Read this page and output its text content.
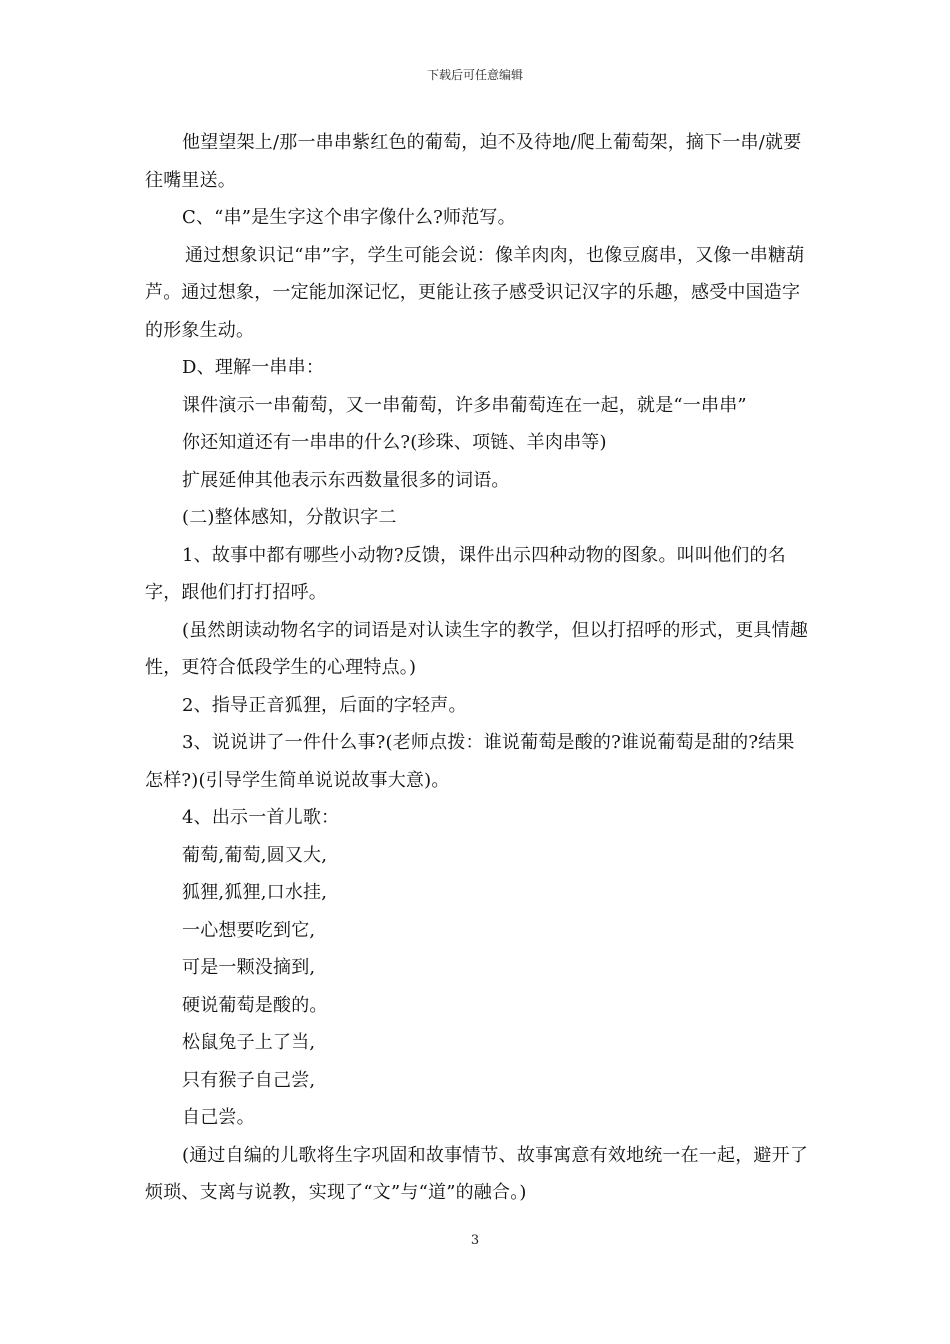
下载后可任意编辑

他望望架上/那一串串紫红色的葡萄，迫不及待地/爬上葡萄架，摘下一串/就要往嘴里送。

C、“串”是生字这个串字像什么?师范写。

通过想象识记“串”字，学生可能会说：像羊肉肉，也像豆腐串，又像一串糖葫芦。通过想象，一定能加深记忆，更能让孩子感受识记汉字的乐趣，感受中国造字的形象生动。

D、理解一串串：

课件演示一串葡萄，又一串葡萄，许多串葡萄连在一起，就是“一串串”

你还知道还有一串串的什么?(珍珠、项链、羊肉串等)

扩展延伸其他表示东西数量很多的词语。

(二)整体感知，分散识字二

1、故事中都有哪些小动物?反馈，课件出示四种动物的图象。叫叫他们的名字，跟他们打打招呼。

(虽然朗读动物名字的词语是对认读生字的教学，但以打招呼的形式，更具情趣性，更符合低段学生的心理特点。)

2、指导正音狐狸，后面的字轻声。

3、说说讲了一件什么事?(老师点拨：谁说葡萄是酸的?谁说葡萄是甜的?结果怎样?)(引导学生简单说说故事大意)。

4、出示一首儿歌：

葡萄,葡萄,圆又大,

狐狸,狐狸,口水挂,

一心想要吃到它,

可是一颗没摘到,

硬说葡萄是酸的。

松鼠兔子上了当,

只有猴子自己尝,

自己尝。

(通过自编的儿歌将生字巩固和故事情节、故事寓意有效地统一在一起，避开了烦琐、支离与说教，实现了“文”与“道”的融合。)

3
